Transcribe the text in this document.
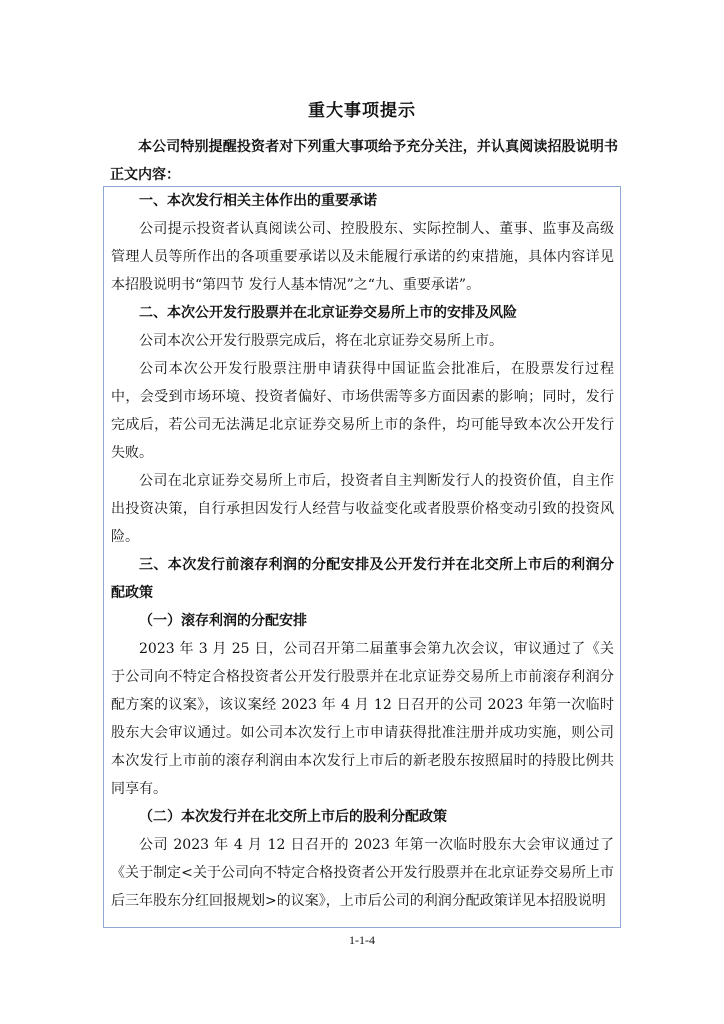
重大事项提示
本公司特别提醒投资者对下列重大事项给予充分关注，并认真阅读招股说明书正文内容：

一、本次发行相关主体作出的重要承诺

公司提示投资者认真阅读公司、控股股东、实际控制人、董事、监事及高级管理人员等所作出的各项重要承诺以及未能履行承诺的约束措施，具体内容详见本招股说明书“第四节 发行人基本情况”之“九、重要承诺”。

二、本次公开发行股票并在北京证券交易所上市的安排及风险

公司本次公开发行股票完成后，将在北京证券交易所上市。

公司本次公开发行股票注册申请获得中国证监会批准后，在股票发行过程中，会受到市场环境、投资者偏好、市场供需等多方面因素的影响；同时，发行完成后，若公司无法满足北京证券交易所上市的条件，均可能导致本次公开发行失败。

公司在北京证券交易所上市后，投资者自主判断发行人的投资价值，自主作出投资决策，自行承担因发行人经营与收益变化或者股票价格变动引致的投资风险。

三、本次发行前滚存利润的分配安排及公开发行并在北交所上市后的利润分配政策

（一）滚存利润的分配安排

2023 年 3 月 25 日，公司召开第二届董事会第九次会议，审议通过了《关于公司向不特定合格投资者公开发行股票并在北京证券交易所上市前滚存利润分配方案的议案》，该议案经 2023 年 4 月 12 日召开的公司 2023 年第一次临时股东大会审议通过。如公司本次发行上市申请获得批准注册并成功实施，则公司本次发行上市前的滚存利润由本次发行上市后的新老股东按照届时的持股比例共同享有。

（二）本次发行并在北交所上市后的股利分配政策

公司 2023 年 4 月 12 日召开的 2023 年第一次临时股东大会审议通过了《关于制定<关于公司向不特定合格投资者公开发行股票并在北京证券交易所上市后三年股东分红回报规划>的议案》，上市后公司的利润分配政策详见本招股说明

1-1-4
